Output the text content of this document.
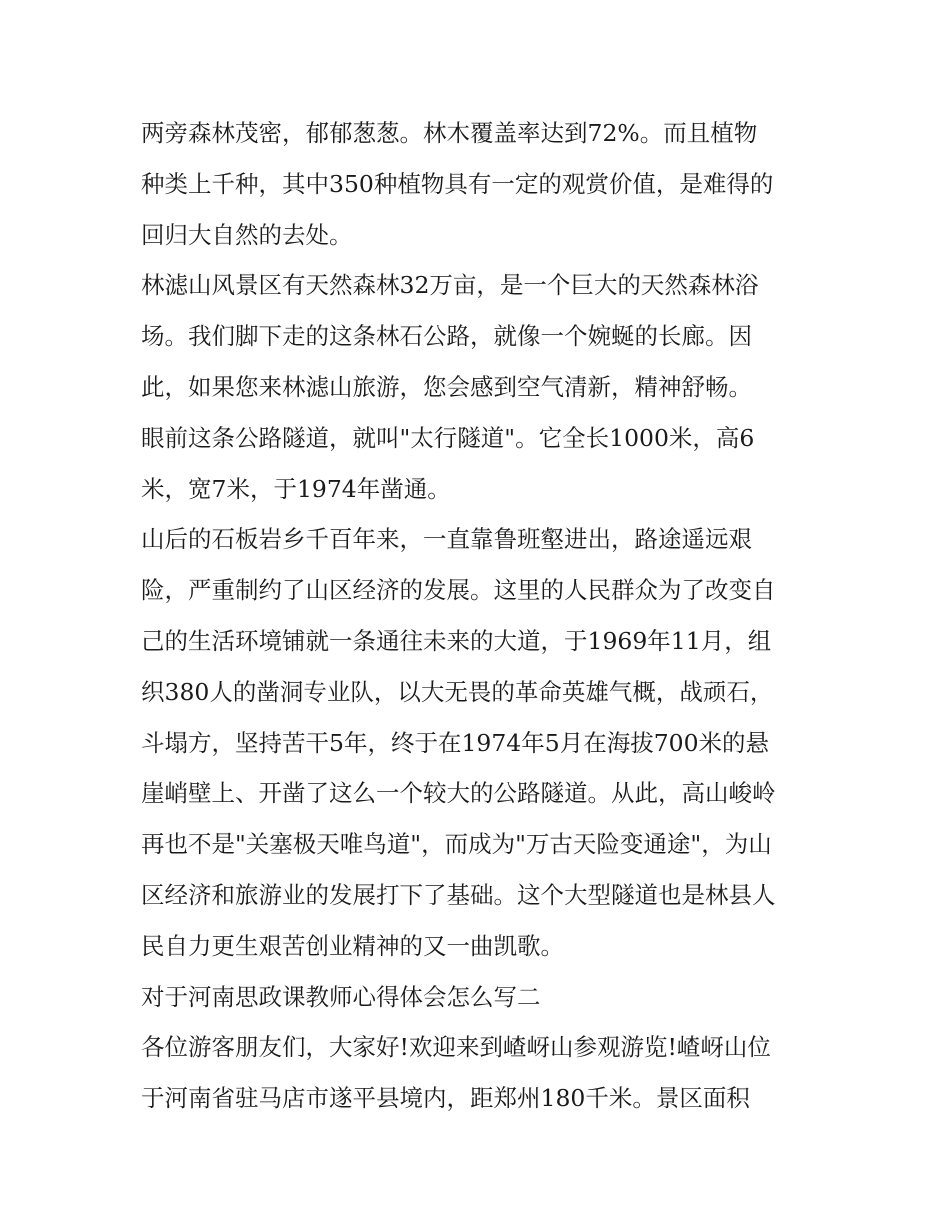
两旁森林茂密，郁郁葱葱。林木覆盖率达到72%。而且植物
种类上千种，其中350种植物具有一定的观赏价值，是难得的
回归大自然的去处。
林滤山风景区有天然森林32万亩，是一个巨大的天然森林浴
场。我们脚下走的这条林石公路，就像一个婉蜒的长廊。因
此，如果您来林滤山旅游，您会感到空气清新，精神舒畅。
眼前这条公路隧道，就叫"太行隧道"。它全长1000米，高6
米，宽7米，于1974年凿通。
山后的石板岩乡千百年来，一直靠鲁班壑进出，路途遥远艰
险，严重制约了山区经济的发展。这里的人民群众为了改变自
己的生活环境铺就一条通往未来的大道，于1969年11月，组
织380人的凿洞专业队，以大无畏的革命英雄气概，战顽石，
斗塌方，坚持苦干5年，终于在1974年5月在海拔700米的悬
崖峭壁上、开凿了这么一个较大的公路隧道。从此，高山峻岭
再也不是"关塞极天唯鸟道"，而成为"万古天险变通途"，为山
区经济和旅游业的发展打下了基础。这个大型隧道也是林县人
民自力更生艰苦创业精神的又一曲凯歌。
对于河南思政课教师心得体会怎么写二
各位游客朋友们，大家好!欢迎来到嵖岈山参观游览!嵖岈山位
于河南省驻马店市遂平县境内，距郑州180千米。景区面积
